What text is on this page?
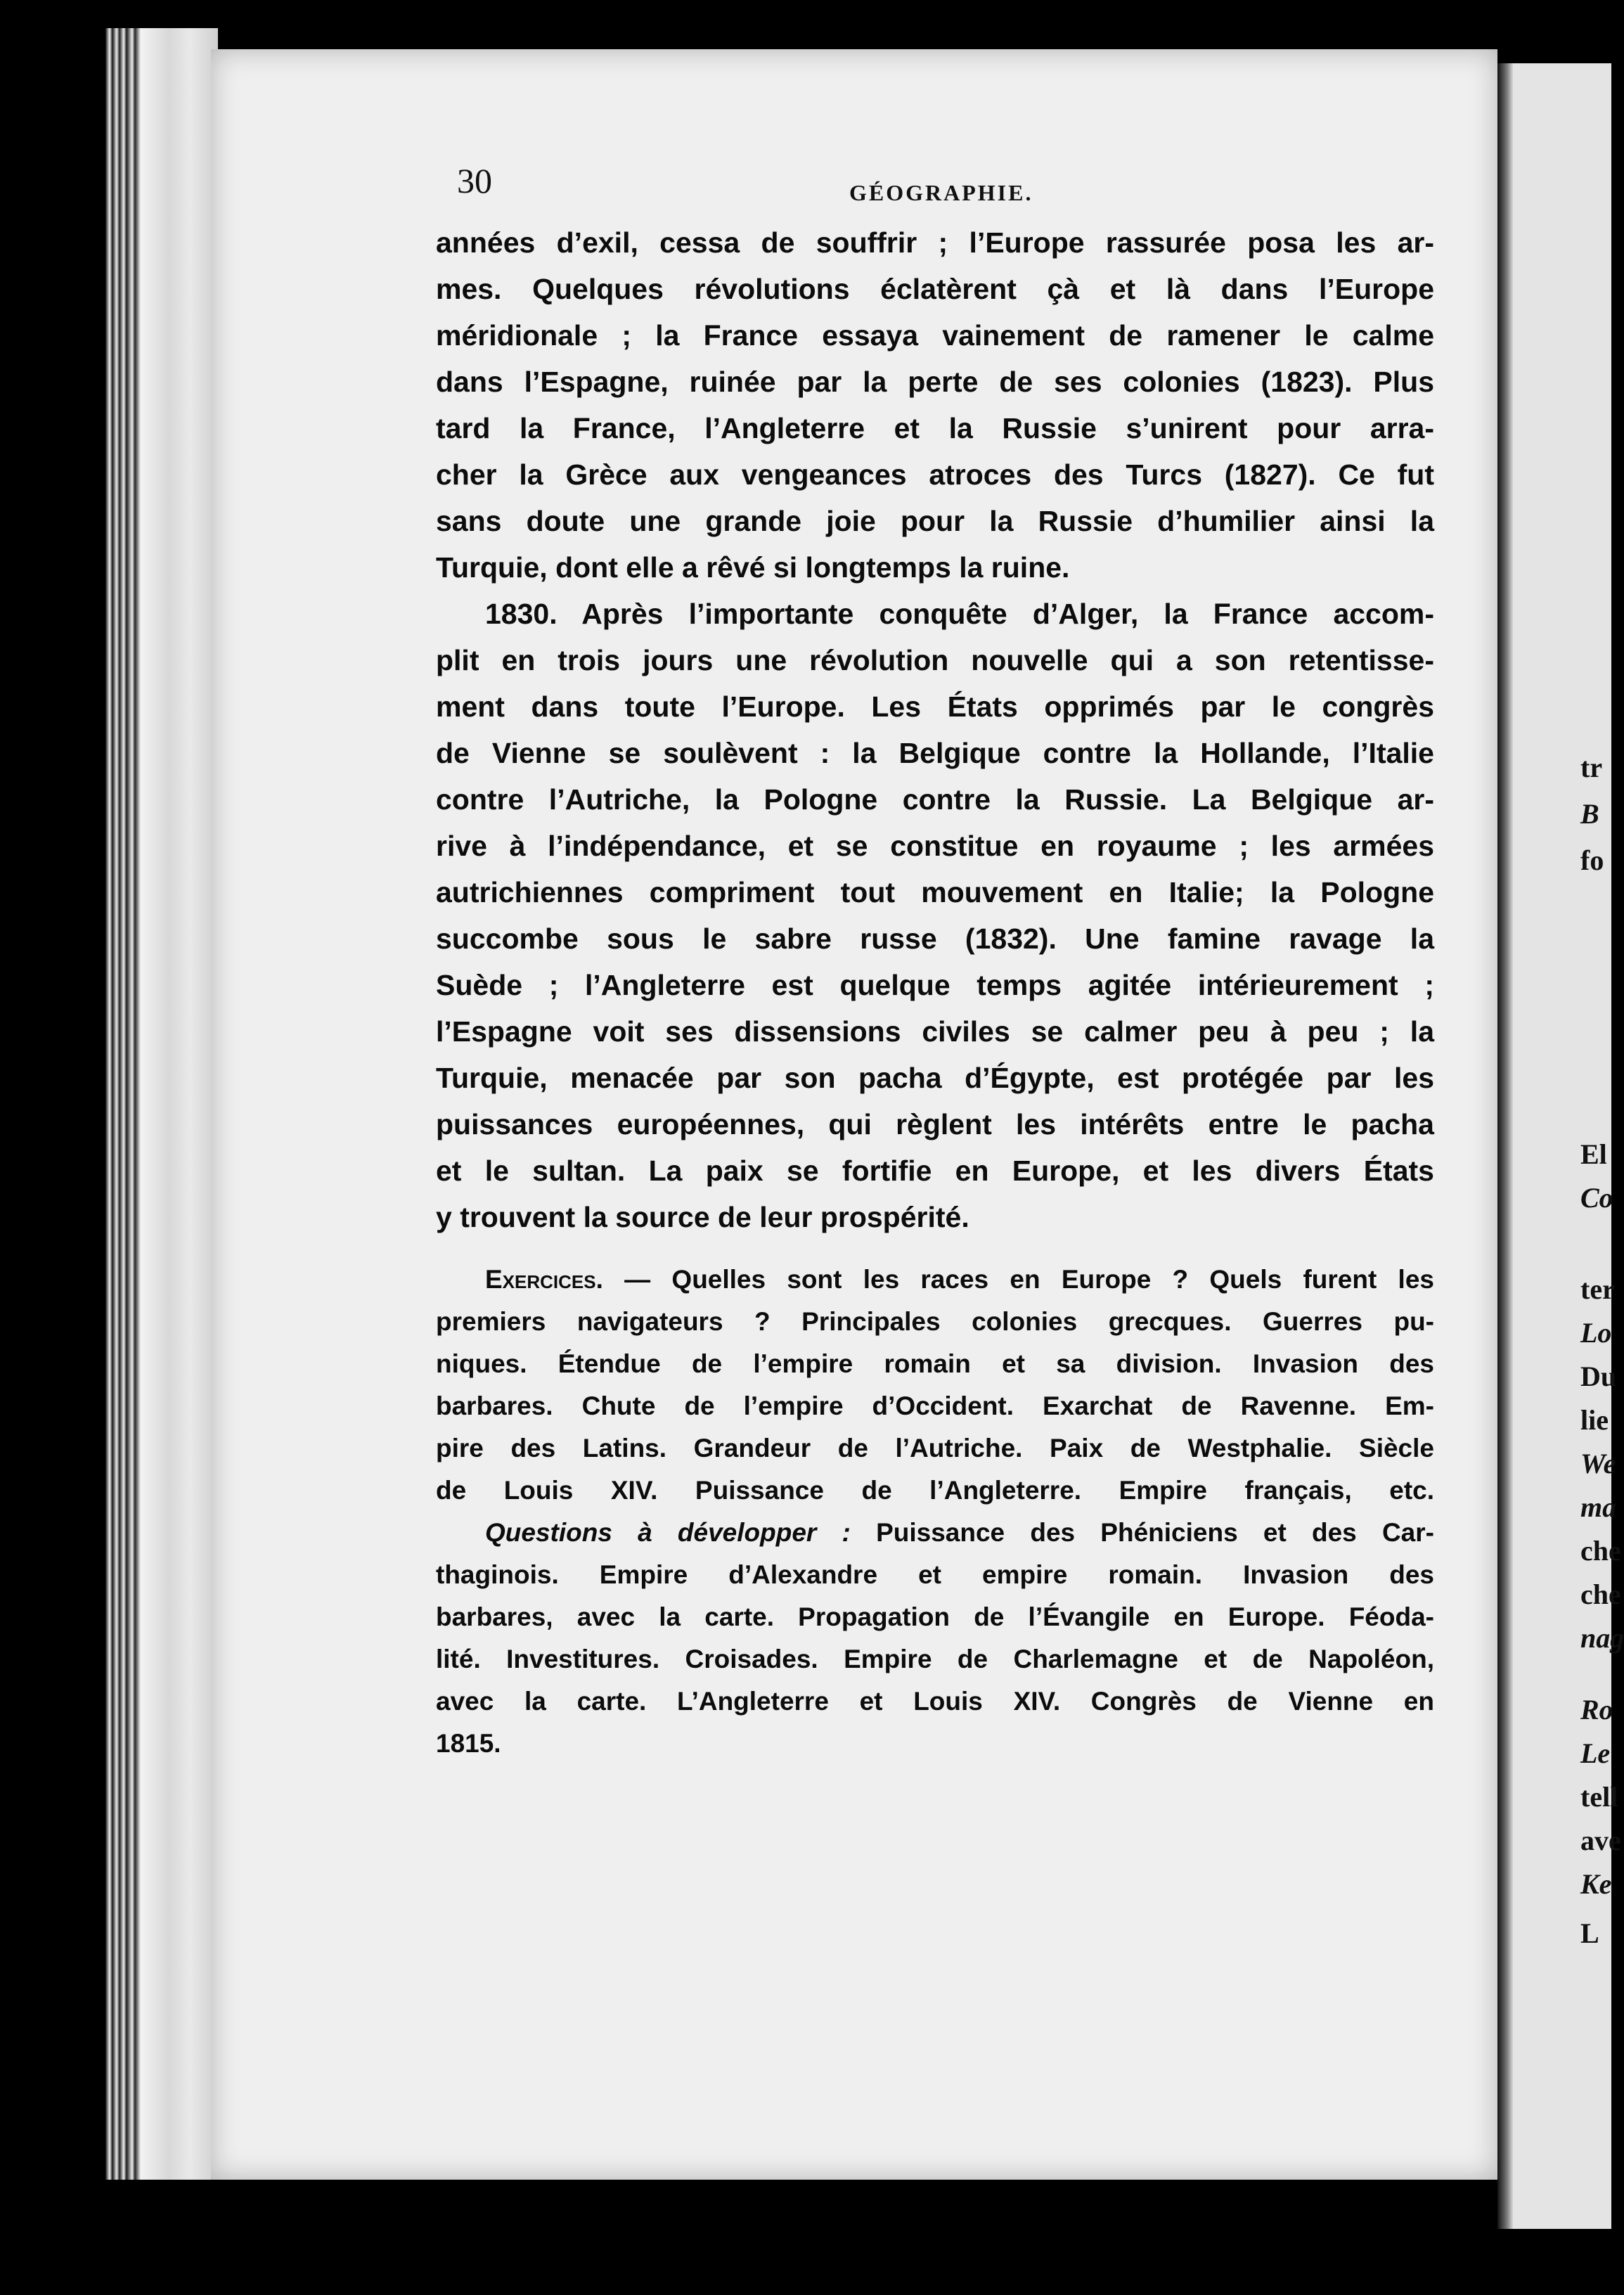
tr
B
fo
El
Co
ter
Lo
Du
lie
We
ma
che
che
nag
Ro
Le
tell
ave
Ke
L
30	GÉOGRAPHIE.
années d’exil, cessa de souffrir ; l’Europe rassurée posa les ar-
mes. Quelques révolutions éclatèrent çà et là dans l’Europe
méridionale ; la France essaya vainement de ramener le calme
dans l’Espagne, ruinée par la perte de ses colonies (1823). Plus
tard la France, l’Angleterre et la Russie s’unirent pour arra-
cher la Grèce aux vengeances atroces des Turcs (1827). Ce fut
sans doute une grande joie pour la Russie d’humilier ainsi la
Turquie, dont elle a rêvé si longtemps la ruine.
1830. Après l’importante conquête d’Alger, la France accom-
plit en trois jours une révolution nouvelle qui a son retentisse-
ment dans toute l’Europe. Les États opprimés par le congrès
de Vienne se soulèvent : la Belgique contre la Hollande, l’Italie
contre l’Autriche, la Pologne contre la Russie. La Belgique ar-
rive à l’indépendance, et se constitue en royaume ; les armées
autrichiennes compriment tout mouvement en Italie; la Pologne
succombe sous le sabre russe (1832). Une famine ravage la
Suède ; l’Angleterre est quelque temps agitée intérieurement ;
l’Espagne voit ses dissensions civiles se calmer peu à peu ; la
Turquie, menacée par son pacha d’Égypte, est protégée par les
puissances européennes, qui règlent les intérêts entre le pacha
et le sultan. La paix se fortifie en Europe, et les divers États
y trouvent la source de leur prospérité.
Exercices. — Quelles sont les races en Europe ? Quels furent les
premiers navigateurs ? Principales colonies grecques. Guerres pu-
niques. Étendue de l’empire romain et sa division. Invasion des
barbares. Chute de l’empire d’Occident. Exarchat de Ravenne. Em-
pire des Latins. Grandeur de l’Autriche. Paix de Westphalie. Siècle
de Louis XIV. Puissance de l’Angleterre. Empire français, etc.
Questions à développer : Puissance des Phéniciens et des Car-
thaginois. Empire d’Alexandre et empire romain. Invasion des
barbares, avec la carte. Propagation de l’Évangile en Europe. Féoda-
lité. Investitures. Croisades. Empire de Charlemagne et de Napoléon,
avec la carte. L’Angleterre et Louis XIV. Congrès de Vienne en
1815.
